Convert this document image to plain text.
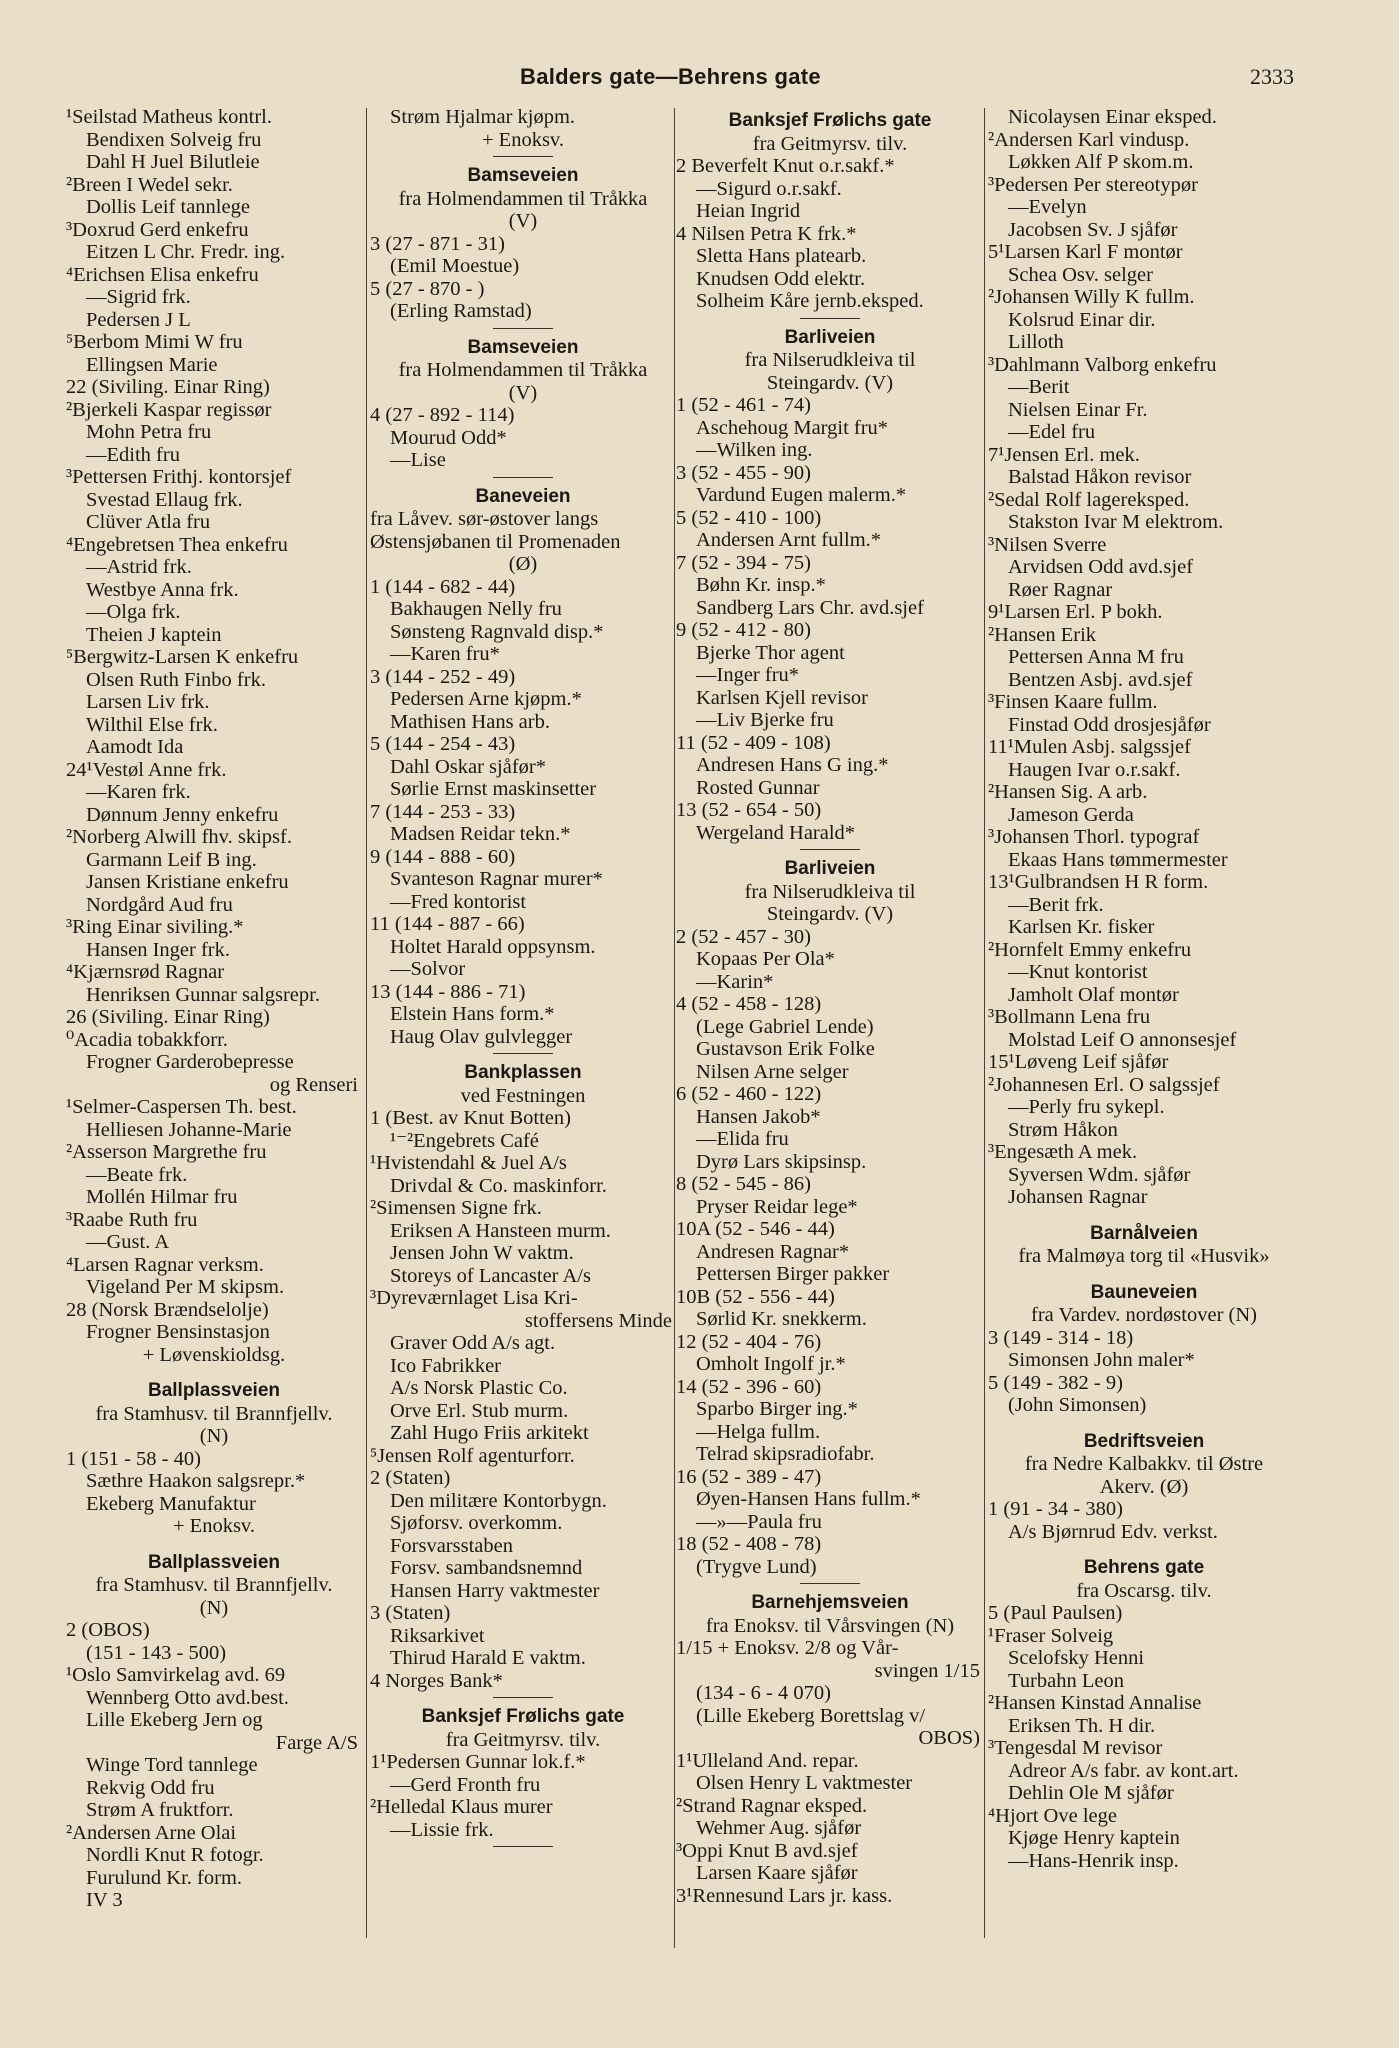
Balders gate—Behrens gate	2333
¹Seilstad Matheus kontrl.
Bendixen Solveig fru
Dahl H Juel Bilutleie
²Breen I Wedel sekr.
Dollis Leif tannlege
³Doxrud Gerd enkefru
Eitzen L Chr. Fredr. ing.
⁴Erichsen Elisa enkefru
—Sigrid frk.
Pedersen J L
⁵Berbom Mimi W fru
Ellingsen Marie
22 (Siviling. Einar Ring)
²Bjerkeli Kaspar regissør
Mohn Petra fru
—Edith fru
³Pettersen Frithj. kontorsjef
Svestad Ellaug frk.
Clüver Atla fru
⁴Engebretsen Thea enkefru
—Astrid frk.
Westbye Anna frk.
—Olga frk.
Theien J kaptein
⁵Bergwitz-Larsen K enkefru
Olsen Ruth Finbo frk.
Larsen Liv frk.
Wilthil Else frk.
Aamodt Ida
24¹Vestøl Anne frk.
—Karen frk.
Dønnum Jenny enkefru
²Norberg Alwill fhv. skipsf.
Garmann Leif B ing.
Jansen Kristiane enkefru
Nordgård Aud fru
³Ring Einar siviling.*
Hansen Inger frk.
⁴Kjærnsrød Ragnar
Henriksen Gunnar salgsrepr.
26 (Siviling. Einar Ring)
⁰Acadia tobakkforr.
Frogner Garderobepresse
og Renseri
¹Selmer-Caspersen Th. best.
Helliesen Johanne-Marie
²Asserson Margrethe fru
—Beate frk.
Mollén Hilmar fru
³Raabe Ruth fru
—Gust. A
⁴Larsen Ragnar verksm.
Vigeland Per M skipsm.
28 (Norsk Brændselolje)
Frogner Bensinstasjon
+ Løvenskioldsg.
Ballplassveien
fra Stamhusv. til Brannfjellv.
(N)
1 (151 - 58 - 40)
Sæthre Haakon salgsrepr.*
Ekeberg Manufaktur
+ Enoksv.
Ballplassveien
fra Stamhusv. til Brannfjellv.
(N)
2 (OBOS)
(151 - 143 - 500)
¹Oslo Samvirkelag avd. 69
Wennberg Otto avd.best.
Lille Ekeberg Jern og
Farge A/S
Winge Tord tannlege
Rekvig Odd fru
Strøm A fruktforr.
²Andersen Arne Olai
Nordli Knut R fotogr.
Furulund Kr. form.
IV 3
Strøm Hjalmar kjøpm.
+ Enoksv.
Bamseveien
fra Holmendammen til Tråkka
(V)
3 (27 - 871 - 31)
(Emil Moestue)
5 (27 - 870 - )
(Erling Ramstad)
Bamseveien
fra Holmendammen til Tråkka
(V)
4 (27 - 892 - 114)
Mourud Odd*
—Lise
Baneveien
fra Låvev. sør-østover langs
Østensjøbanen til Promenaden
(Ø)
1 (144 - 682 - 44)
Bakhaugen Nelly fru
Sønsteng Ragnvald disp.*
—Karen fru*
3 (144 - 252 - 49)
Pedersen Arne kjøpm.*
Mathisen Hans arb.
5 (144 - 254 - 43)
Dahl Oskar sjåfør*
Sørlie Ernst maskinsetter
7 (144 - 253 - 33)
Madsen Reidar tekn.*
9 (144 - 888 - 60)
Svanteson Ragnar murer*
—Fred kontorist
11 (144 - 887 - 66)
Holtet Harald oppsynsm.
—Solvor
13 (144 - 886 - 71)
Elstein Hans form.*
Haug Olav gulvlegger
Bankplassen
ved Festningen
1 (Best. av Knut Botten)
¹⁻²Engebrets Café
¹Hvistendahl & Juel A/s
Drivdal & Co. maskinforr.
²Simensen Signe frk.
Eriksen A Hansteen murm.
Jensen John W vaktm.
Storeys of Lancaster A/s
³Dyreværnlaget Lisa Kri-
stoffersens Minde
Graver Odd A/s agt.
Ico Fabrikker
A/s Norsk Plastic Co.
Orve Erl. Stub murm.
Zahl Hugo Friis arkitekt
⁵Jensen Rolf agenturforr.
2 (Staten)
Den militære Kontorbygn.
Sjøforsv. overkomm.
Forsvarsstaben
Forsv. sambandsnemnd
Hansen Harry vaktmester
3 (Staten)
Riksarkivet
Thirud Harald E vaktm.
4 Norges Bank*
Banksjef Frølichs gate
fra Geitmyrsv. tilv.
1¹Pedersen Gunnar lok.f.*
—Gerd Fronth fru
²Helledal Klaus murer
—Lissie frk.
Banksjef Frølichs gate
fra Geitmyrsv. tilv.
2 Beverfelt Knut o.r.sakf.*
—Sigurd o.r.sakf.
Heian Ingrid
4 Nilsen Petra K frk.*
Sletta Hans platearb.
Knudsen Odd elektr.
Solheim Kåre jernb.eksped.
Barliveien
fra Nilserudkleiva til
Steingardv. (V)
1 (52 - 461 - 74)
Aschehoug Margit fru*
—Wilken ing.
3 (52 - 455 - 90)
Vardund Eugen malerm.*
5 (52 - 410 - 100)
Andersen Arnt fullm.*
7 (52 - 394 - 75)
Bøhn Kr. insp.*
Sandberg Lars Chr. avd.sjef
9 (52 - 412 - 80)
Bjerke Thor agent
—Inger fru*
Karlsen Kjell revisor
—Liv Bjerke fru
11 (52 - 409 - 108)
Andresen Hans G ing.*
Rosted Gunnar
13 (52 - 654 - 50)
Wergeland Harald*
Barliveien
fra Nilserudkleiva til
Steingardv. (V)
2 (52 - 457 - 30)
Kopaas Per Ola*
—Karin*
4 (52 - 458 - 128)
(Lege Gabriel Lende)
Gustavson Erik Folke
Nilsen Arne selger
6 (52 - 460 - 122)
Hansen Jakob*
—Elida fru
Dyrø Lars skipsinsp.
8 (52 - 545 - 86)
Pryser Reidar lege*
10A (52 - 546 - 44)
Andresen Ragnar*
Pettersen Birger pakker
10B (52 - 556 - 44)
Sørlid Kr. snekkerm.
12 (52 - 404 - 76)
Omholt Ingolf jr.*
14 (52 - 396 - 60)
Sparbo Birger ing.*
—Helga fullm.
Telrad skipsradiofabr.
16 (52 - 389 - 47)
Øyen-Hansen Hans fullm.*
—»—Paula fru
18 (52 - 408 - 78)
(Trygve Lund)
Barnehjemsveien
fra Enoksv. til Vårsvingen (N)
1/15 + Enoksv. 2/8 og Vår-
svingen 1/15
(134 - 6 - 4 070)
(Lille Ekeberg Borettslag v/
OBOS)
1¹Ulleland And. repar.
Olsen Henry L vaktmester
²Strand Ragnar eksped.
Wehmer Aug. sjåfør
³Oppi Knut B avd.sjef
Larsen Kaare sjåfør
3¹Rennesund Lars jr. kass.
Nicolaysen Einar eksped.
²Andersen Karl vindusp.
Løkken Alf P skom.m.
³Pedersen Per stereotypør
—Evelyn
Jacobsen Sv. J sjåfør
5¹Larsen Karl F montør
Schea Osv. selger
²Johansen Willy K fullm.
Kolsrud Einar dir.
Lilloth
³Dahlmann Valborg enkefru
—Berit
Nielsen Einar Fr.
—Edel fru
7¹Jensen Erl. mek.
Balstad Håkon revisor
²Sedal Rolf lagereksped.
Stakston Ivar M elektrom.
³Nilsen Sverre
Arvidsen Odd avd.sjef
Røer Ragnar
9¹Larsen Erl. P bokh.
²Hansen Erik
Pettersen Anna M fru
Bentzen Asbj. avd.sjef
³Finsen Kaare fullm.
Finstad Odd drosjesjåfør
11¹Mulen Asbj. salgssjef
Haugen Ivar o.r.sakf.
²Hansen Sig. A arb.
Jameson Gerda
³Johansen Thorl. typograf
Ekaas Hans tømmermester
13¹Gulbrandsen H R form.
—Berit frk.
Karlsen Kr. fisker
²Hornfelt Emmy enkefru
—Knut kontorist
Jamholt Olaf montør
³Bollmann Lena fru
Molstad Leif O annonsesjef
15¹Løveng Leif sjåfør
²Johannesen Erl. O salgssjef
—Perly fru sykepl.
Strøm Håkon
³Engesæth A mek.
Syversen Wdm. sjåfør
Johansen Ragnar
Barnålveien
fra Malmøya torg til «Husvik»
Bauneveien
fra Vardev. nordøstover (N)
3 (149 - 314 - 18)
Simonsen John maler*
5 (149 - 382 - 9)
(John Simonsen)
Bedriftsveien
fra Nedre Kalbakkv. til Østre
Akerv. (Ø)
1 (91 - 34 - 380)
A/s Bjørnrud Edv. verkst.
Behrens gate
fra Oscarsg. tilv.
5 (Paul Paulsen)
¹Fraser Solveig
Scelofsky Henni
Turbahn Leon
²Hansen Kinstad Annalise
Eriksen Th. H dir.
³Tengesdal M revisor
Adreor A/s fabr. av kont.art.
Dehlin Ole M sjåfør
⁴Hjort Ove lege
Kjøge Henry kaptein
—Hans-Henrik insp.
